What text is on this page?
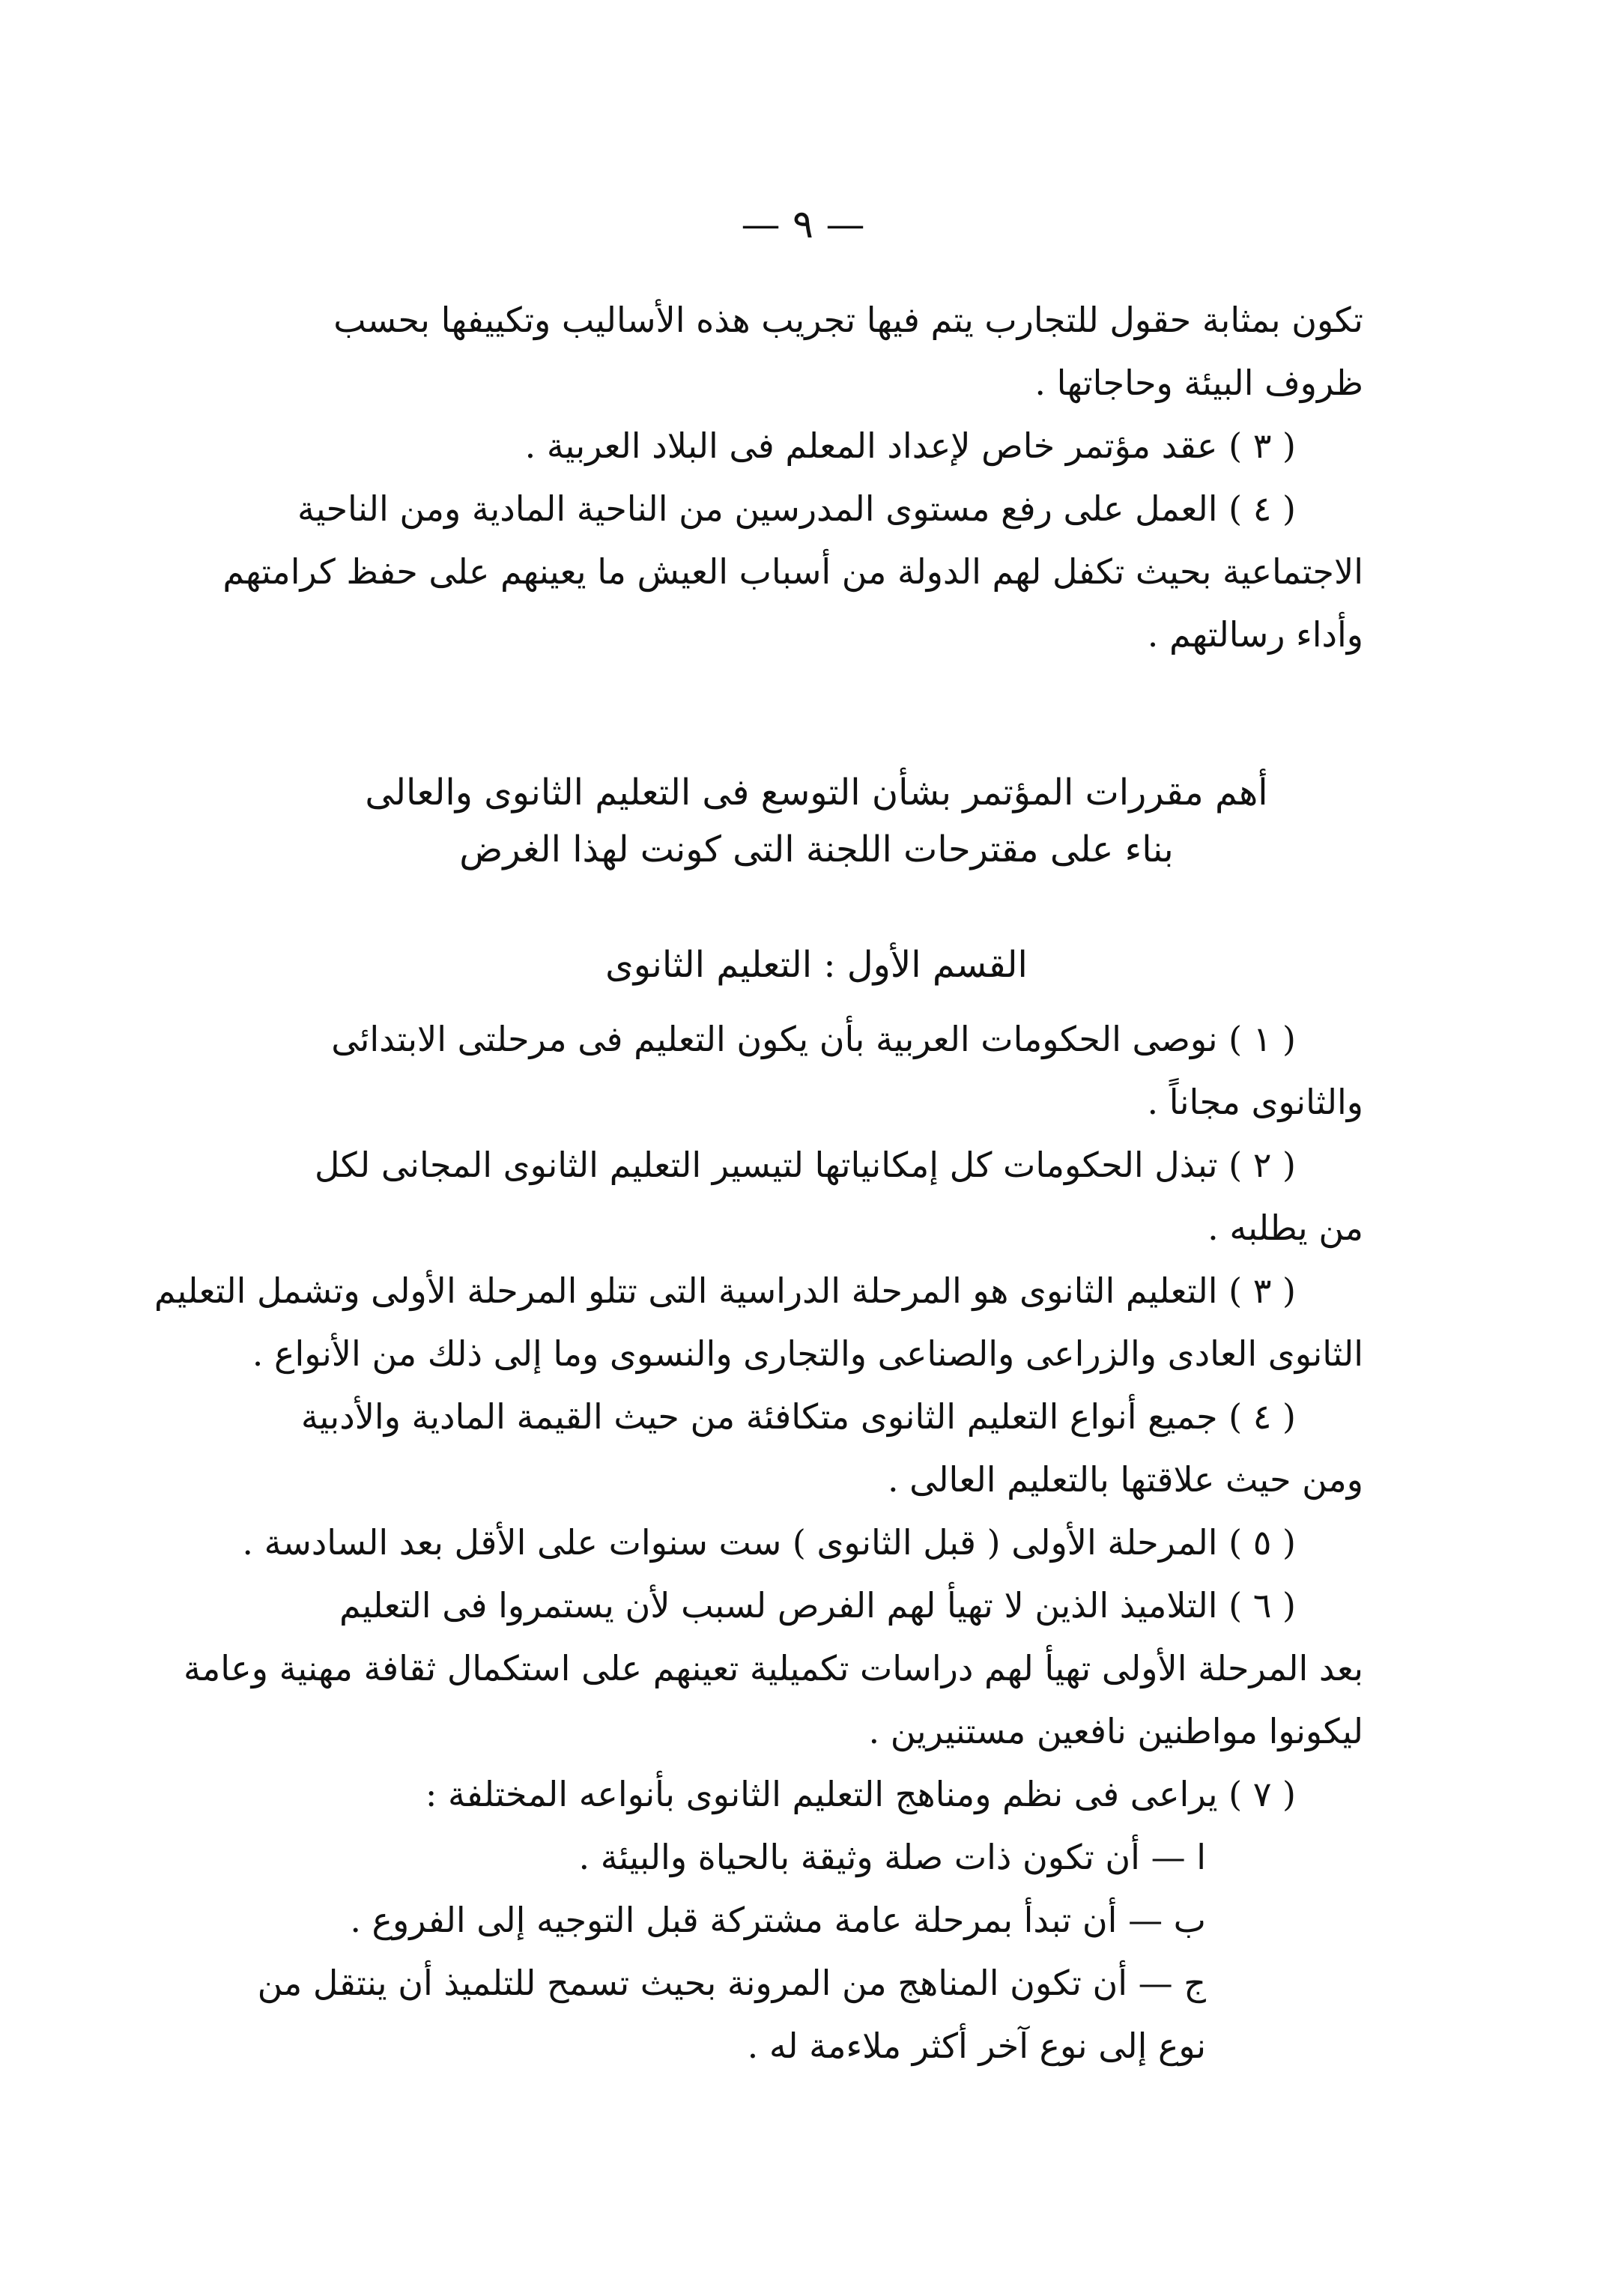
— ٩ —
تكون بمثابة حقول للتجارب يتم فيها تجريب هذه الأساليب وتكييفها بحسب
ظروف البيئة وحاجاتها .
( ٣ ) عقد مؤتمر خاص لإعداد المعلم فى البلاد العربية .
( ٤ ) العمل على رفع مستوى المدرسين من الناحية المادية ومن الناحية
الاجتماعية بحيث تكفل لهم الدولة من أسباب العيش ما يعينهم على حفظ كرامتهم
وأداء رسالتهم .
أهم مقررات المؤتمر بشأن التوسع فى التعليم الثانوى والعالى
بناء على مقترحات اللجنة التى كونت لهذا الغرض
القسم الأول : التعليم الثانوى
( ١ ) نوصى الحكومات العربية بأن يكون التعليم فى مرحلتى الابتدائى
والثانوى مجاناً .
( ٢ ) تبذل الحكومات كل إمكانياتها لتيسير التعليم الثانوى المجانى لكل
من يطلبه .
( ٣ ) التعليم الثانوى هو المرحلة الدراسية التى تتلو المرحلة الأولى وتشمل التعليم
الثانوى العادى والزراعى والصناعى والتجارى والنسوى وما إلى ذلك من الأنواع .
( ٤ ) جميع أنواع التعليم الثانوى متكافئة من حيث القيمة المادية والأدبية
ومن حيث علاقتها بالتعليم العالى .
( ٥ ) المرحلة الأولى ( قبل الثانوى ) ست سنوات على الأقل بعد السادسة .
( ٦ ) التلاميذ الذين لا تهيأ لهم الفرص لسبب لأن يستمروا فى التعليم
بعد المرحلة الأولى تهيأ لهم دراسات تكميلية تعينهم على استكمال ثقافة مهنية وعامة
ليكونوا مواطنين نافعين مستنيرين .
( ٧ ) يراعى فى نظم ومناهج التعليم الثانوى بأنواعه المختلفة :
ا — أن تكون ذات صلة وثيقة بالحياة والبيئة .
ب — أن تبدأ بمرحلة عامة مشتركة قبل التوجيه إلى الفروع .
ج — أن تكون المناهج من المرونة بحيث تسمح للتلميذ أن ينتقل من
نوع إلى نوع آخر أكثر ملاءمة له .
